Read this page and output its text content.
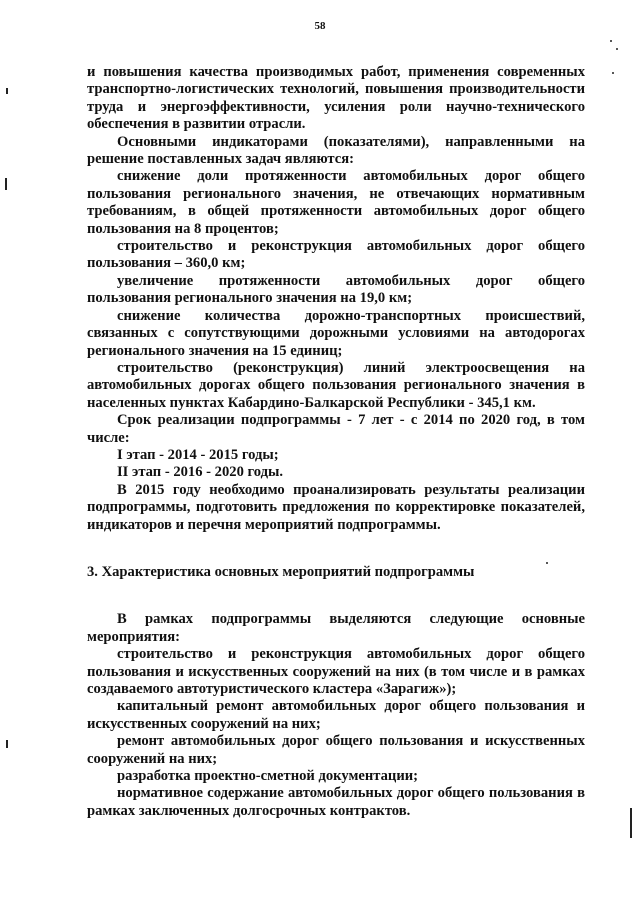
58

и повышения качества производимых работ, применения современных транспортно-логистических технологий, повышения производительности труда и энергоэффективности, усиления роли научно-технического обеспечения в развитии отрасли.

Основными индикаторами (показателями), направленными на решение поставленных задач являются:

снижение доли протяженности автомобильных дорог общего пользования регионального значения, не отвечающих нормативным требованиям, в общей протяженности автомобильных дорог общего пользования на 8 процентов;

строительство и реконструкция автомобильных дорог общего пользования – 360,0 км;

увеличение протяженности автомобильных дорог общего пользования регионального значения на 19,0 км;

снижение количества дорожно-транспортных происшествий, связанных с сопутствующими дорожными условиями на автодорогах регионального значения на 15 единиц;

строительство (реконструкция) линий электроосвещения на автомобильных дорогах общего пользования регионального значения в населенных пунктах Кабардино-Балкарской Республики - 345,1 км.

Срок реализации подпрограммы - 7 лет - с 2014 по 2020 год, в том числе:

I этап - 2014 - 2015 годы;

II этап - 2016 - 2020 годы.

В 2015 году необходимо проанализировать результаты реализации подпрограммы, подготовить предложения по корректировке показателей, индикаторов и перечня мероприятий подпрограммы.

3. Характеристика основных мероприятий подпрограммы

В рамках подпрограммы выделяются следующие основные мероприятия:

строительство и реконструкция автомобильных дорог общего пользования и искусственных сооружений на них (в том числе и в рамках создаваемого автотуристического кластера «Зарагиж»);

капитальный ремонт автомобильных дорог общего пользования и искусственных сооружений на них;

ремонт автомобильных дорог общего пользования и искусственных сооружений на них;

разработка проектно-сметной документации;

нормативное содержание автомобильных дорог общего пользования в рамках заключенных долгосрочных контрактов.
